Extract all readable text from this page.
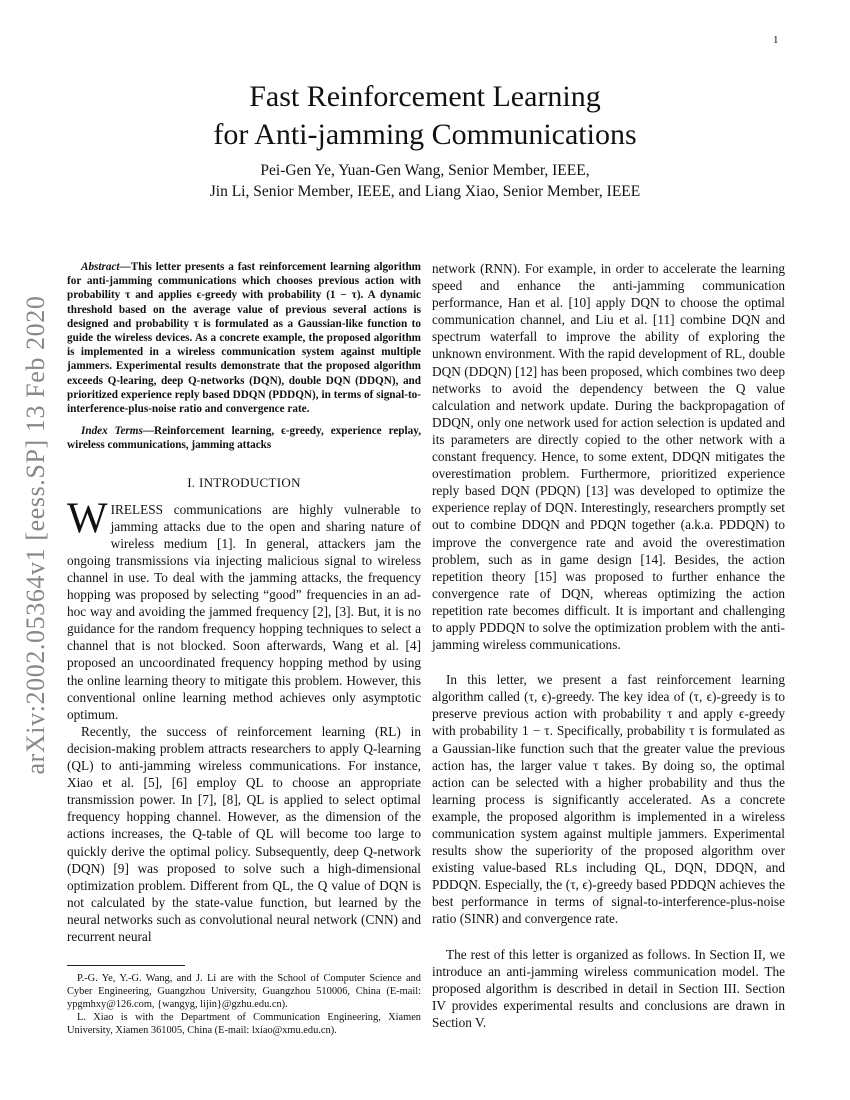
1
arXiv:2002.05364v1 [eess.SP] 13 Feb 2020
Fast Reinforcement Learning
for Anti-jamming Communications
Pei-Gen Ye, Yuan-Gen Wang, Senior Member, IEEE,
Jin Li, Senior Member, IEEE, and Liang Xiao, Senior Member, IEEE

Abstract—This letter presents a fast reinforcement learning algorithm for anti-jamming communications which chooses previous action with probability τ and applies ϵ-greedy with probability (1 − τ). A dynamic threshold based on the average value of previous several actions is designed and probability τ is formulated as a Gaussian-like function to guide the wireless devices. As a concrete example, the proposed algorithm is implemented in a wireless communication system against multiple jammers. Experimental results demonstrate that the proposed algorithm exceeds Q-learing, deep Q-networks (DQN), double DQN (DDQN), and prioritized experience reply based DDQN (PDDQN), in terms of signal-to-interference-plus-noise ratio and convergence rate.

Index Terms—Reinforcement learning, ϵ-greedy, experience replay, wireless communications, jamming attacks

I. INTRODUCTION

WIRELESS communications are highly vulnerable to jamming attacks due to the open and sharing nature of wireless medium [1]. In general, attackers jam the ongoing transmissions via injecting malicious signal to wireless channel in use. To deal with the jamming attacks, the frequency hopping was proposed by selecting “good” frequencies in an ad-hoc way and avoiding the jammed frequency [2], [3]. But, it is no guidance for the random frequency hopping techniques to select a channel that is not blocked. Soon afterwards, Wang et al. [4] proposed an uncoordinated frequency hopping method by using the online learning theory to mitigate this problem. However, this conventional online learning method achieves only asymptotic optimum.

Recently, the success of reinforcement learning (RL) in decision-making problem attracts researchers to apply Q-learning (QL) to anti-jamming wireless communications. For instance, Xiao et al. [5], [6] employ QL to choose an appropriate transmission power. In [7], [8], QL is applied to select optimal frequency hopping channel. However, as the dimension of the actions increases, the Q-table of QL will become too large to quickly derive the optimal policy. Subsequently, deep Q-network (DQN) [9] was proposed to solve such a high-dimensional optimization problem. Different from QL, the Q value of DQN is not calculated by the state-value function, but learned by the neural networks such as convolutional neural network (CNN) and recurrent neural

P.-G. Ye, Y.-G. Wang, and J. Li are with the School of Computer Science and Cyber Engineering, Guangzhou University, Guangzhou 510006, China (E-mail: ypgmhxy@126.com, {wangyg, lijin}@gzhu.edu.cn).

L. Xiao is with the Department of Communication Engineering, Xiamen University, Xiamen 361005, China (E-mail: lxiao@xmu.edu.cn).

network (RNN). For example, in order to accelerate the learning speed and enhance the anti-jamming communication performance, Han et al. [10] apply DQN to choose the optimal communication channel, and Liu et al. [11] combine DQN and spectrum waterfall to improve the ability of exploring the unknown environment. With the rapid development of RL, double DQN (DDQN) [12] has been proposed, which combines two deep networks to avoid the dependency between the Q value calculation and network update. During the backpropagation of DDQN, only one network used for action selection is updated and its parameters are directly copied to the other network with a constant frequency. Hence, to some extent, DDQN mitigates the overestimation problem. Furthermore, prioritized experience reply based DQN (PDQN) [13] was developed to optimize the experience replay of DQN. Interestingly, researchers promptly set out to combine DDQN and PDQN together (a.k.a. PDDQN) to improve the convergence rate and avoid the overestimation problem, such as in game design [14]. Besides, the action repetition theory [15] was proposed to further enhance the convergence rate of DQN, whereas optimizing the action repetition rate becomes difficult. It is important and challenging to apply PDDQN to solve the optimization problem with the anti-jamming wireless communications.

In this letter, we present a fast reinforcement learning algorithm called (τ, ϵ)-greedy. The key idea of (τ, ϵ)-greedy is to preserve previous action with probability τ and apply ϵ-greedy with probability 1 − τ. Specifically, probability τ is formulated as a Gaussian-like function such that the greater value the previous action has, the larger value τ takes. By doing so, the optimal action can be selected with a higher probability and thus the learning process is significantly accelerated. As a concrete example, the proposed algorithm is implemented in a wireless communication system against multiple jammers. Experimental results show the superiority of the proposed algorithm over existing value-based RLs including QL, DQN, DDQN, and PDDQN. Especially, the (τ, ϵ)-greedy based PDDQN achieves the best performance in terms of signal-to-interference-plus-noise ratio (SINR) and convergence rate.

The rest of this letter is organized as follows. In Section II, we introduce an anti-jamming wireless communication model. The proposed algorithm is described in detail in Section III. Section IV provides experimental results and conclusions are drawn in Section V.
